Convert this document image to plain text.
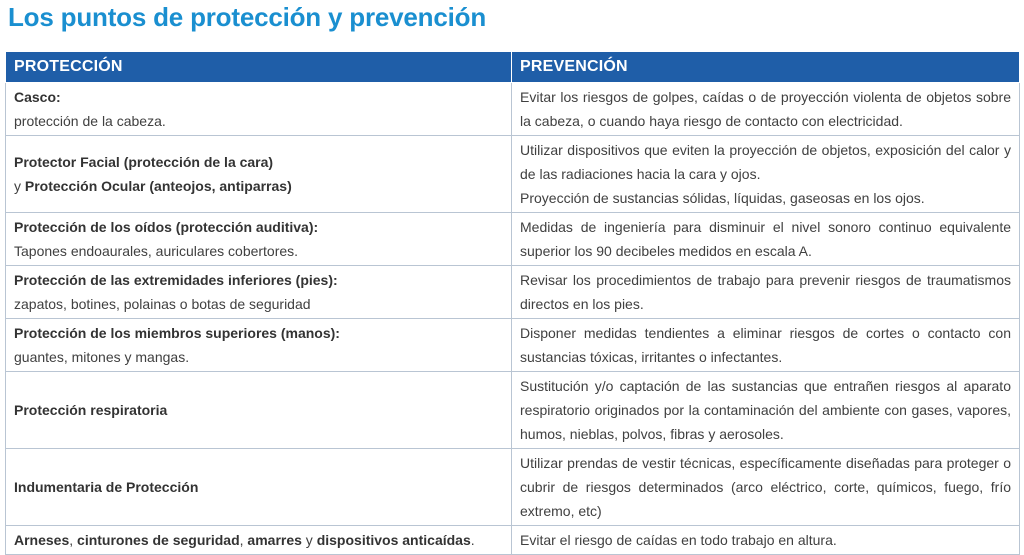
Los puntos de protección y prevención
PROTECCIÓN	PREVENCIÓN

Casco:
protección de la cabeza.	Evitar los riesgos de golpes, caídas o de proyección violenta de objetos sobre la cabeza, o cuando haya riesgo de contacto con electricidad.

Protector Facial (protección de la cara)
y Protección Ocular (anteojos, antiparras)	Utilizar dispositivos que eviten la proyección de objetos, exposición del calor y de las radiaciones hacia la cara y ojos.
Proyección de sustancias sólidas, líquidas, gaseosas en los ojos.

Protección de los oídos (protección auditiva):
Tapones endoaurales, auriculares cobertores.	Medidas de ingeniería para disminuir el nivel sonoro continuo equivalente superior los 90 decibeles medidos en escala A.

Protección de las extremidades inferiores (pies):
zapatos, botines, polainas o botas de seguridad	Revisar los procedimientos de trabajo para prevenir riesgos de traumatismos directos en los pies.

Protección de los miembros superiores (manos):
guantes, mitones y mangas.	Disponer medidas tendientes a eliminar riesgos de cortes o contacto con sustancias tóxicas, irritantes o infectantes.

Protección respiratoria	Sustitución y/o captación de las sustancias que entrañen riesgos al aparato respiratorio originados por la contaminación del ambiente con gases, vapores, humos, nieblas, polvos, fibras y aerosoles.

Indumentaria de Protección	Utilizar prendas de vestir técnicas, específicamente diseñadas para proteger o cubrir de riesgos determinados (arco eléctrico, corte, químicos, fuego, frío extremo, etc)

Arneses, cinturones de seguridad, amarres y dispositivos anticaídas.	Evitar el riesgo de caídas en todo trabajo en altura.
